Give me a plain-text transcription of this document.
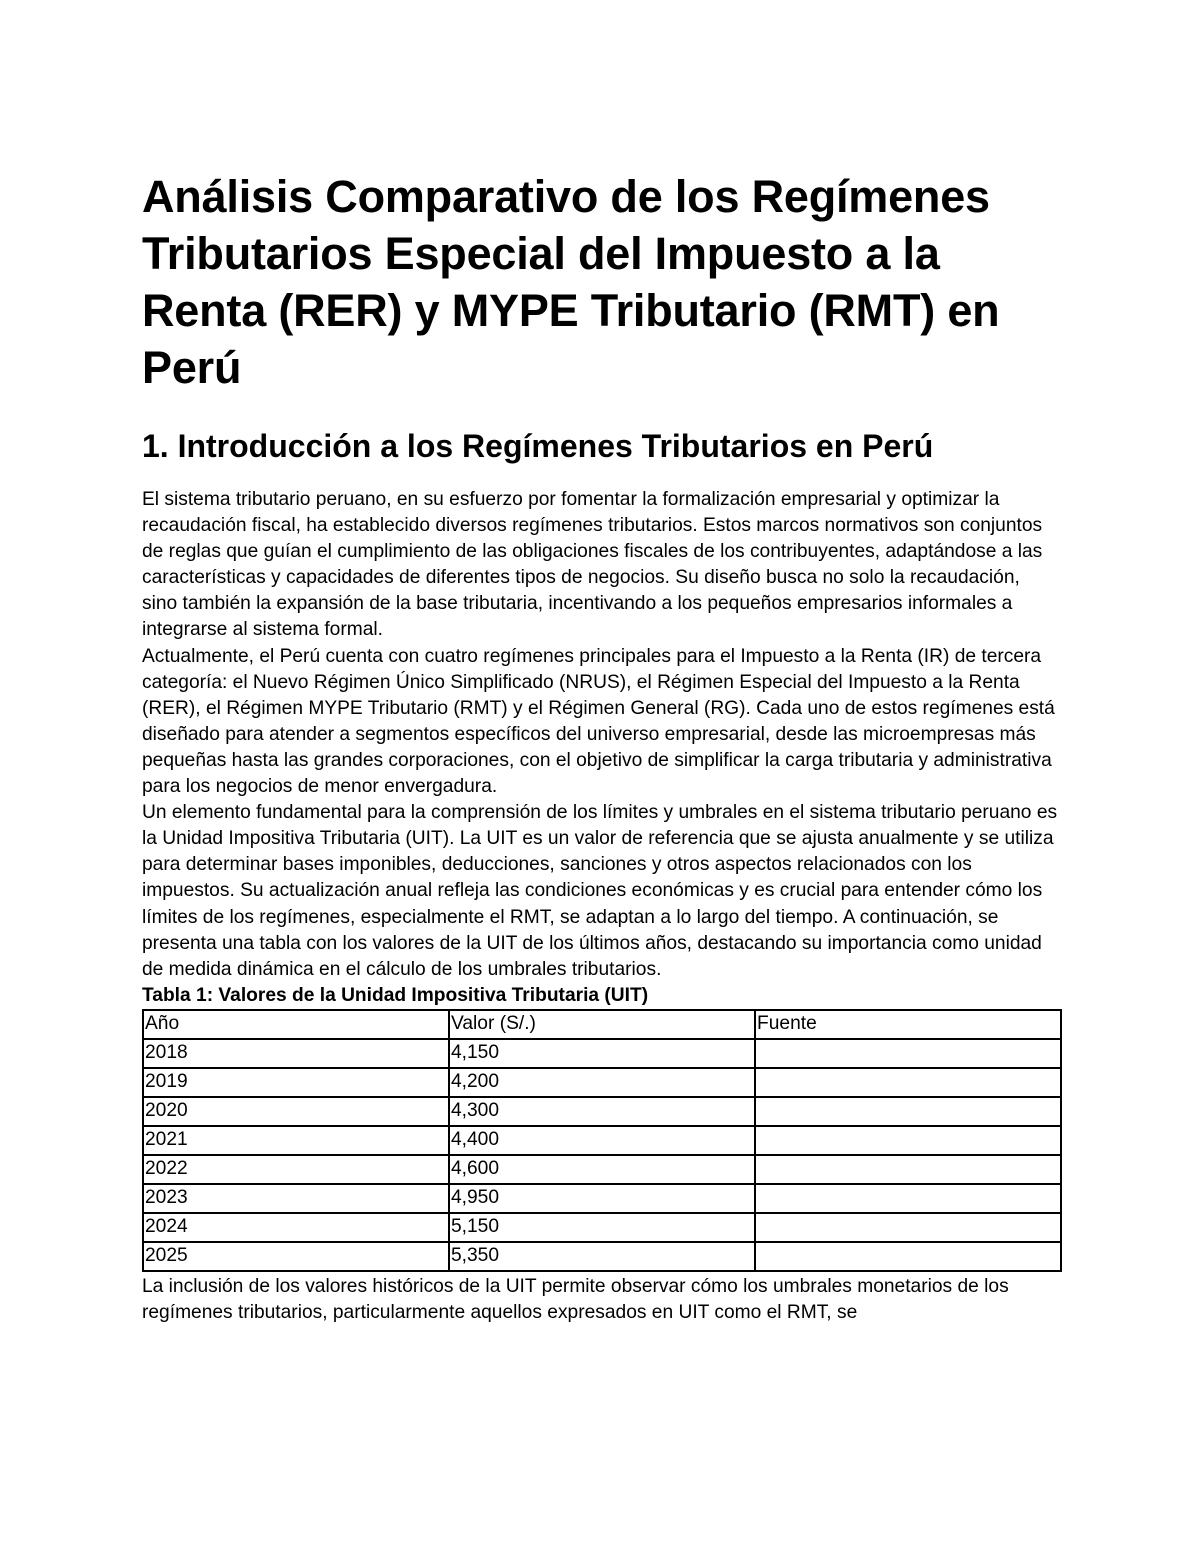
Análisis Comparativo de los Regímenes Tributarios Especial del Impuesto a la Renta (RER) y MYPE Tributario (RMT) en Perú
1. Introducción a los Regímenes Tributarios en Perú

El sistema tributario peruano, en su esfuerzo por fomentar la formalización empresarial y optimizar la recaudación fiscal, ha establecido diversos regímenes tributarios. Estos marcos normativos son conjuntos de reglas que guían el cumplimiento de las obligaciones fiscales de los contribuyentes, adaptándose a las características y capacidades de diferentes tipos de negocios. Su diseño busca no solo la recaudación, sino también la expansión de la base tributaria, incentivando a los pequeños empresarios informales a integrarse al sistema formal.

Actualmente, el Perú cuenta con cuatro regímenes principales para el Impuesto a la Renta (IR) de tercera categoría: el Nuevo Régimen Único Simplificado (NRUS), el Régimen Especial del Impuesto a la Renta (RER), el Régimen MYPE Tributario (RMT) y el Régimen General (RG). Cada uno de estos regímenes está diseñado para atender a segmentos específicos del universo empresarial, desde las microempresas más pequeñas hasta las grandes corporaciones, con el objetivo de simplificar la carga tributaria y administrativa para los negocios de menor envergadura.

Un elemento fundamental para la comprensión de los límites y umbrales en el sistema tributario peruano es la Unidad Impositiva Tributaria (UIT). La UIT es un valor de referencia que se ajusta anualmente y se utiliza para determinar bases imponibles, deducciones, sanciones y otros aspectos relacionados con los impuestos. Su actualización anual refleja las condiciones económicas y es crucial para entender cómo los límites de los regímenes, especialmente el RMT, se adaptan a lo largo del tiempo. A continuación, se presenta una tabla con los valores de la UIT de los últimos años, destacando su importancia como unidad de medida dinámica en el cálculo de los umbrales tributarios.

Tabla 1: Valores de la Unidad Impositiva Tributaria (UIT)

Año	Valor (S/.)	Fuente
2018	4,150	
2019	4,200	
2020	4,300	
2021	4,400	
2022	4,600	
2023	4,950	
2024	5,150	
2025	5,350	

La inclusión de los valores históricos de la UIT permite observar cómo los umbrales monetarios de los regímenes tributarios, particularmente aquellos expresados en UIT como el RMT, se
